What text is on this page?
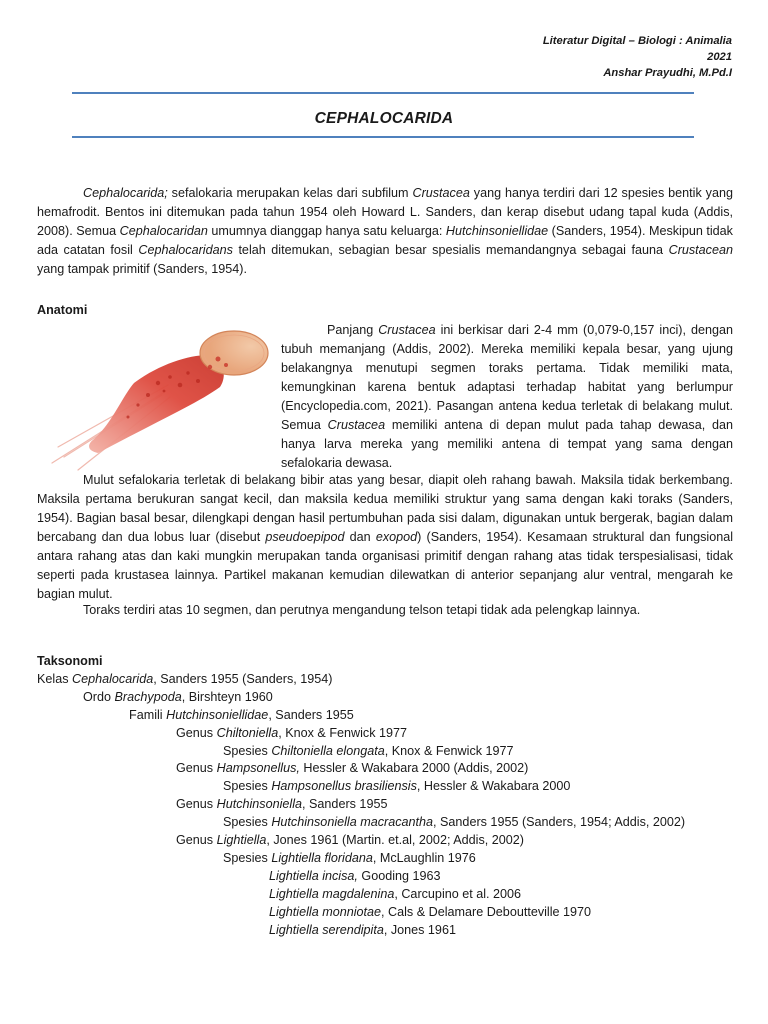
Literatur Digital – Biologi : Animalia
2021
Anshar Prayudhi, M.Pd.I
CEPHALOCARIDA

Cephalocarida; sefalokaria merupakan kelas dari subfilum Crustacea yang hanya terdiri dari 12 spesies bentik yang hemafrodit. Bentos ini ditemukan pada tahun 1954 oleh Howard L. Sanders, dan kerap disebut udang tapal kuda (Addis, 2008). Semua Cephalocaridan umumnya dianggap hanya satu keluarga: Hutchinsoniellidae (Sanders, 1954). Meskipun tidak ada catatan fosil Cephalocaridans telah ditemukan, sebagian besar spesialis memandangnya sebagai fauna Crustacean yang tampak primitif (Sanders, 1954).

Anatomi

Panjang Crustacea ini berkisar dari 2-4 mm (0,079-0,157 inci), dengan tubuh memanjang (Addis, 2002). Mereka memiliki kepala besar, yang ujung belakangnya menutupi segmen toraks pertama. Tidak memiliki mata, kemungkinan karena bentuk adaptasi terhadap habitat yang berlumpur (Encyclopedia.com, 2021). Pasangan antena kedua terletak di belakang mulut. Semua Crustacea memiliki antena di depan mulut pada tahap dewasa, dan hanya larva mereka yang memiliki antena di tempat yang sama dengan sefalokaria dewasa.

Mulut sefalokaria terletak di belakang bibir atas yang besar, diapit oleh rahang bawah. Maksila tidak berkembang. Maksila pertama berukuran sangat kecil, dan maksila kedua memiliki struktur yang sama dengan kaki toraks (Sanders, 1954). Bagian basal besar, dilengkapi dengan hasil pertumbuhan pada sisi dalam, digunakan untuk bergerak, bagian dalam bercabang dan dua lobus luar (disebut pseudoepipod dan exopod) (Sanders, 1954). Kesamaan struktural dan fungsional antara rahang atas dan kaki mungkin merupakan tanda organisasi primitif dengan rahang atas tidak terspesialisasi, tidak seperti pada krustasea lainnya. Partikel makanan kemudian dilewatkan di anterior sepanjang alur ventral, mengarah ke bagian mulut.

Toraks terdiri atas 10 segmen, dan perutnya mengandung telson tetapi tidak ada pelengkap lainnya.

Taksonomi
Kelas Cephalocarida, Sanders 1955 (Sanders, 1954)
Ordo Brachypoda, Birshteyn 1960
Famili Hutchinsoniellidae, Sanders 1955
Genus Chiltoniella, Knox & Fenwick 1977
Spesies Chiltoniella elongata, Knox & Fenwick 1977
Genus Hampsonellus, Hessler & Wakabara 2000 (Addis, 2002)
Spesies Hampsonellus brasiliensis, Hessler & Wakabara 2000
Genus Hutchinsoniella, Sanders 1955
Spesies Hutchinsoniella macracantha, Sanders 1955 (Sanders, 1954; Addis, 2002)
Genus Lightiella, Jones 1961 (Martin. et.al, 2002; Addis, 2002)
Spesies Lightiella floridana, McLaughlin 1976
Lightiella incisa, Gooding 1963
Lightiella magdalenina, Carcupino et al. 2006
Lightiella monniotae, Cals & Delamare Deboutteville 1970
Lightiella serendipita, Jones 1961
